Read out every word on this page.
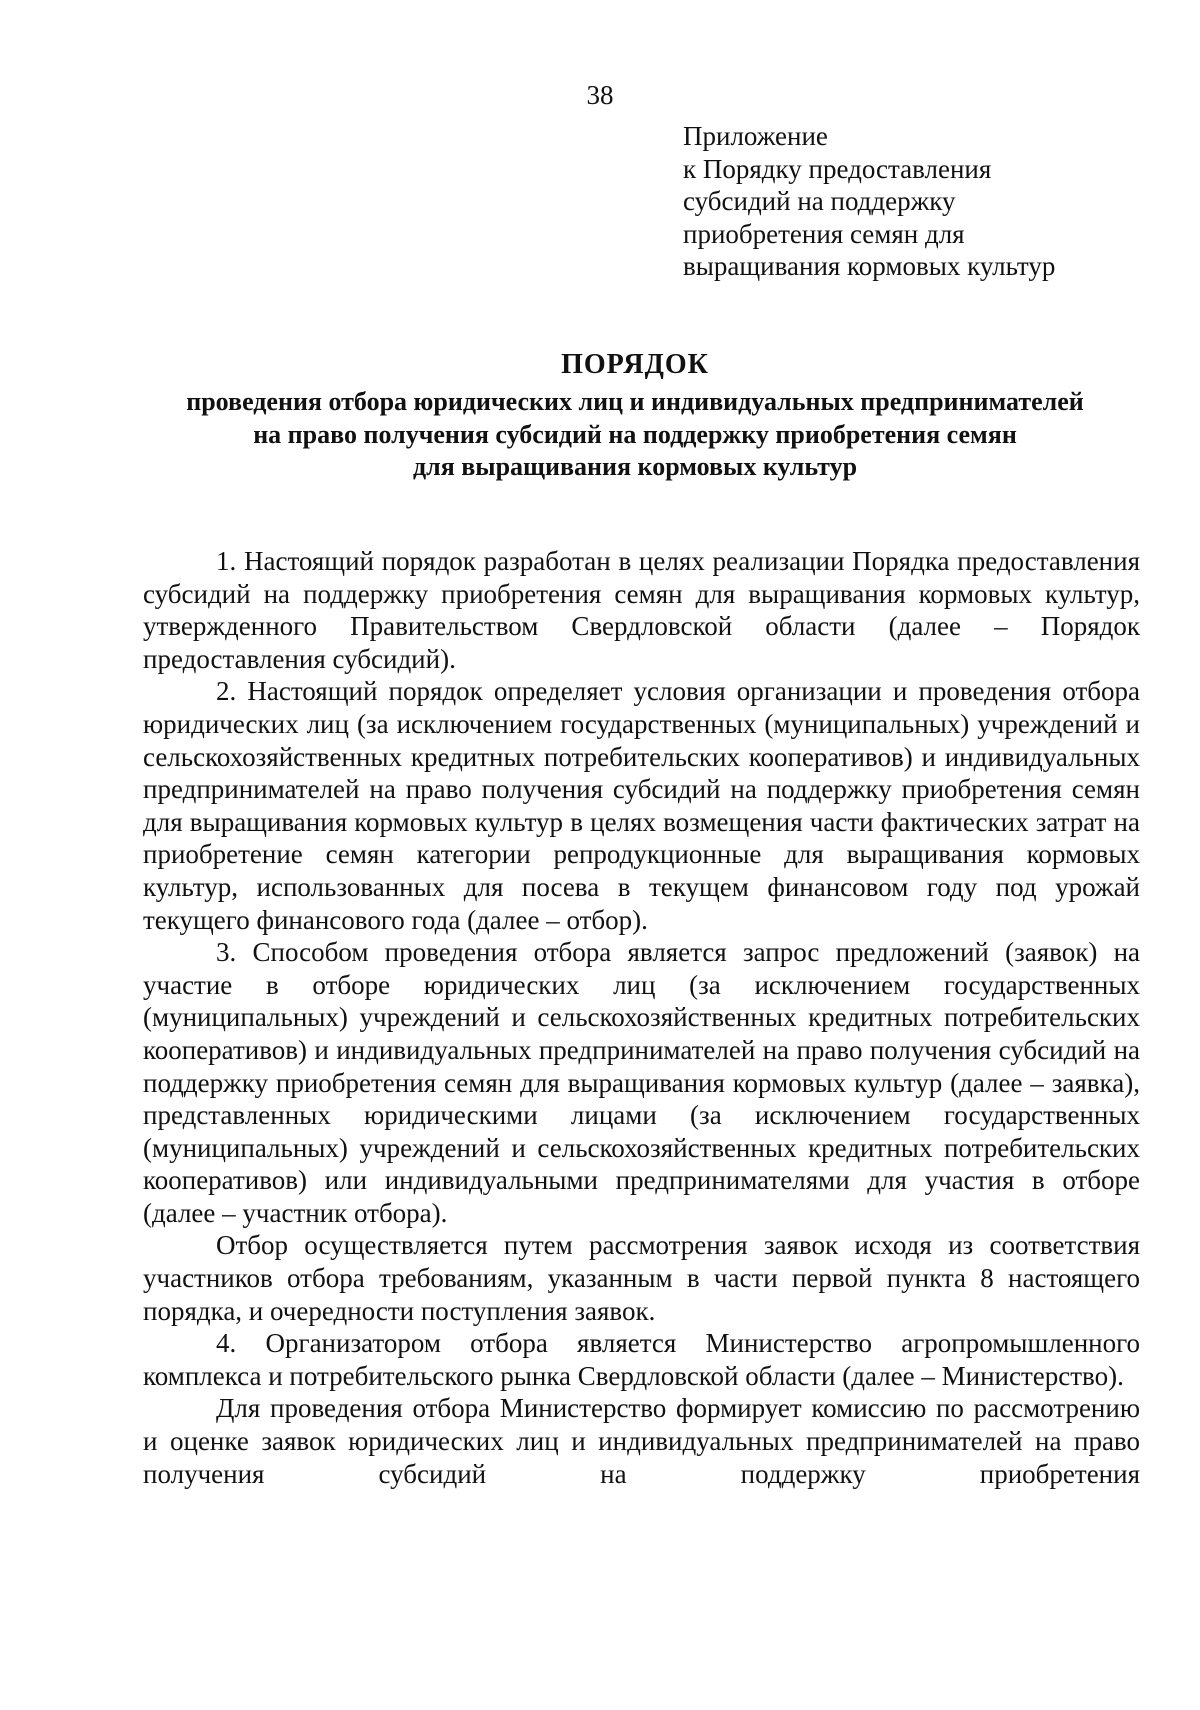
38
Приложение
к Порядку предоставления
субсидий на поддержку
приобретения семян для
выращивания кормовых культур
ПОРЯДОК
проведения отбора юридических лиц и индивидуальных предпринимателей
на право получения субсидий на поддержку приобретения семян
для выращивания кормовых культур

1. Настоящий порядок разработан в целях реализации Порядка предоставления субсидий на поддержку приобретения семян для выращивания кормовых культур, утвержденного Правительством Свердловской области (далее – Порядок предоставления субсидий).

2. Настоящий порядок определяет условия организации и проведения отбора юридических лиц (за исключением государственных (муниципальных) учреждений и сельскохозяйственных кредитных потребительских кооперативов) и индивидуальных предпринимателей на право получения субсидий на поддержку приобретения семян для выращивания кормовых культур в целях возмещения части фактических затрат на приобретение семян категории репродукционные для выращивания кормовых культур, использованных для посева в текущем финансовом году под урожай текущего финансового года (далее – отбор).

3. Способом проведения отбора является запрос предложений (заявок) на участие в отборе юридических лиц (за исключением государственных (муниципальных) учреждений и сельскохозяйственных кредитных потребительских кооперативов) и индивидуальных предпринимателей на право получения субсидий на поддержку приобретения семян для выращивания кормовых культур (далее – заявка), представленных юридическими лицами (за исключением государственных (муниципальных) учреждений и сельскохозяйственных кредитных потребительских кооперативов) или индивидуальными предпринимателями для участия в отборе (далее – участник отбора).

Отбор осуществляется путем рассмотрения заявок исходя из соответствия участников отбора требованиям, указанным в части первой пункта 8 настоящего порядка, и очередности поступления заявок.

4. Организатором отбора является Министерство агропромышленного комплекса и потребительского рынка Свердловской области (далее – Министерство).

Для проведения отбора Министерство формирует комиссию по рассмотрению и оценке заявок юридических лиц и индивидуальных предпринимателей на право получения субсидий на поддержку приобретения
